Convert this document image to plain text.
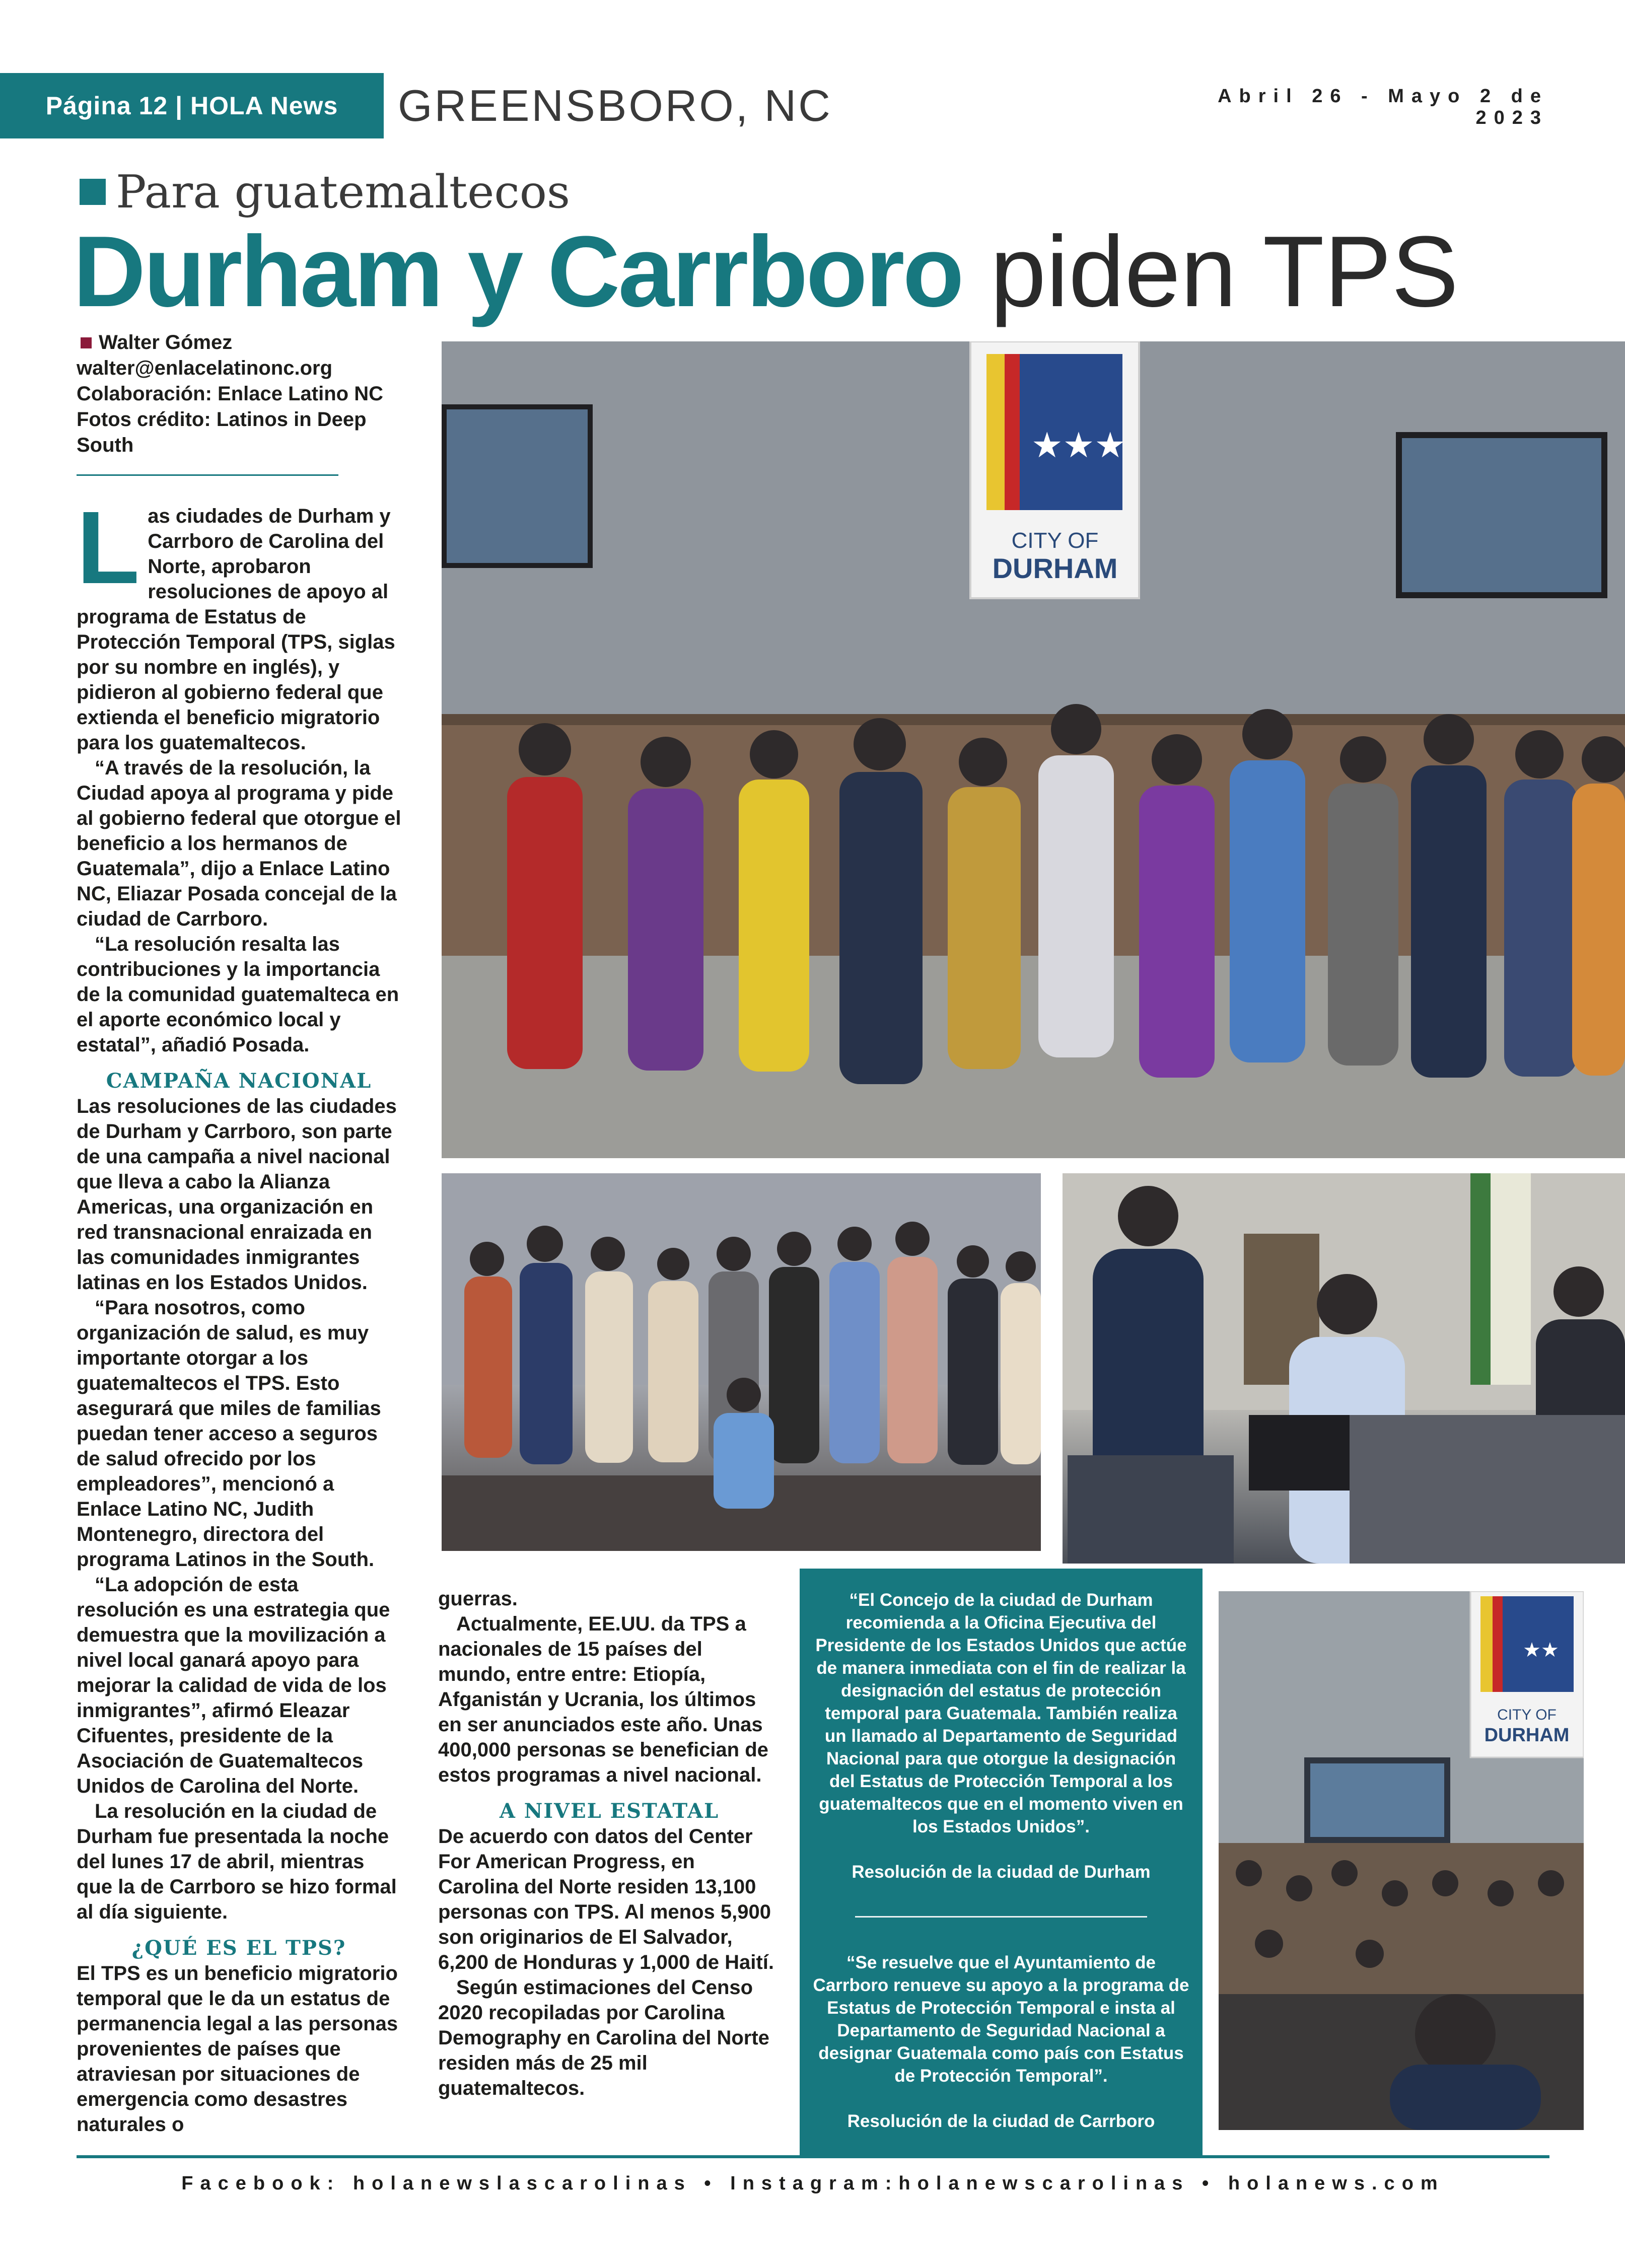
Página 12 | HOLA News	GREENSBORO, NC	Abril 26 - Mayo 2 de 2023
Para guatemaltecos
Durham y Carrboro piden TPS
Walter Gómez
walter@enlacelatinonc.org
Colaboración: Enlace Latino NC
Fotos crédito: Latinos in Deep
South

Las ciudades de Durham y Carrboro de Carolina del Norte, aprobaron resoluciones de apoyo al programa de Estatus de Protección Temporal (TPS, siglas por su nombre en inglés), y pidieron al gobierno federal que extienda el beneficio migratorio para los guatemaltecos.

“A través de la resolución, la Ciudad apoya al programa y pide al gobierno federal que otorgue el beneficio a los hermanos de Guatemala”, dijo a Enlace Latino NC, Eliazar Posada concejal de la ciudad de Carrboro.

“La resolución resalta las contribuciones y la importancia de la comunidad guatemalteca en el aporte económico local y estatal”, añadió Posada.

CAMPAÑA NACIONAL

Las resoluciones de las ciudades de Durham y Carrboro, son parte de una campaña a nivel nacional que lleva a cabo la Alianza Americas, una organización en red transnacional enraizada en las comunidades inmigrantes latinas en los Estados Unidos.

“Para nosotros, como organización de salud, es muy importante otorgar a los guatemaltecos el TPS. Esto asegurará que miles de familias puedan tener acceso a seguros de salud ofrecido por los empleadores”, mencionó a Enlace Latino NC, Judith Montenegro, directora del programa Latinos in the South.

“La adopción de esta resolución es una estrategia que demuestra que la movilización a nivel local ganará apoyo para mejorar la calidad de vida de los inmigrantes”, afirmó Eleazar Cifuentes, presidente de la Asociación de Guatemaltecos Unidos de Carolina del Norte.

La resolución en la ciudad de Durham fue presentada la noche del lunes 17 de abril, mientras que la de Carrboro se hizo formal al día siguiente.

¿QUÉ ES EL TPS?

El TPS es un beneficio migratorio temporal que le da un estatus de permanencia legal a las personas provenientes de países que atraviesan por situaciones de emergencia como desastres naturales o

guerras.

Actualmente, EE.UU. da TPS a nacionales de 15 países del mundo, entre entre: Etiopía, Afganistán y Ucrania, los últimos en ser anunciados este año. Unas 400,000 personas se benefician de estos programas a nivel nacional.

A NIVEL ESTATAL

De acuerdo con datos del Center For American Progress, en Carolina del Norte residen 13,100 personas con TPS. Al menos 5,900 son originarios de El Salvador, 6,200 de Honduras y 1,000 de Haití.

Según estimaciones del Censo 2020 recopiladas por Carolina Demography en Carolina del Norte residen más de 25 mil guatemaltecos.

★★★
CITY OF
DURHAM
“El Concejo de la ciudad de Durham recomienda a la Oficina Ejecutiva del Presidente de los Estados Unidos que actúe de manera inmediata con el fin de realizar la designación del estatus de protección temporal para Guatemala. También realiza un llamado al Departamento de Seguridad Nacional para que otorgue la designación del Estatus de Protección Temporal a los guatemaltecos que en el momento viven en los Estados Unidos”.
Resolución de la ciudad de Durham
“Se resuelve que el Ayuntamiento de Carrboro renueve su apoyo a la programa de Estatus de Protección Temporal e insta al Departamento de Seguridad Nacional a designar Guatemala como país con Estatus de Protección Temporal”.
Resolución de la ciudad de Carrboro
★★
CITY OF
DURHAM
Facebook: holanewslascarolinas • Instagram:holanewscarolinas • holanews.com
